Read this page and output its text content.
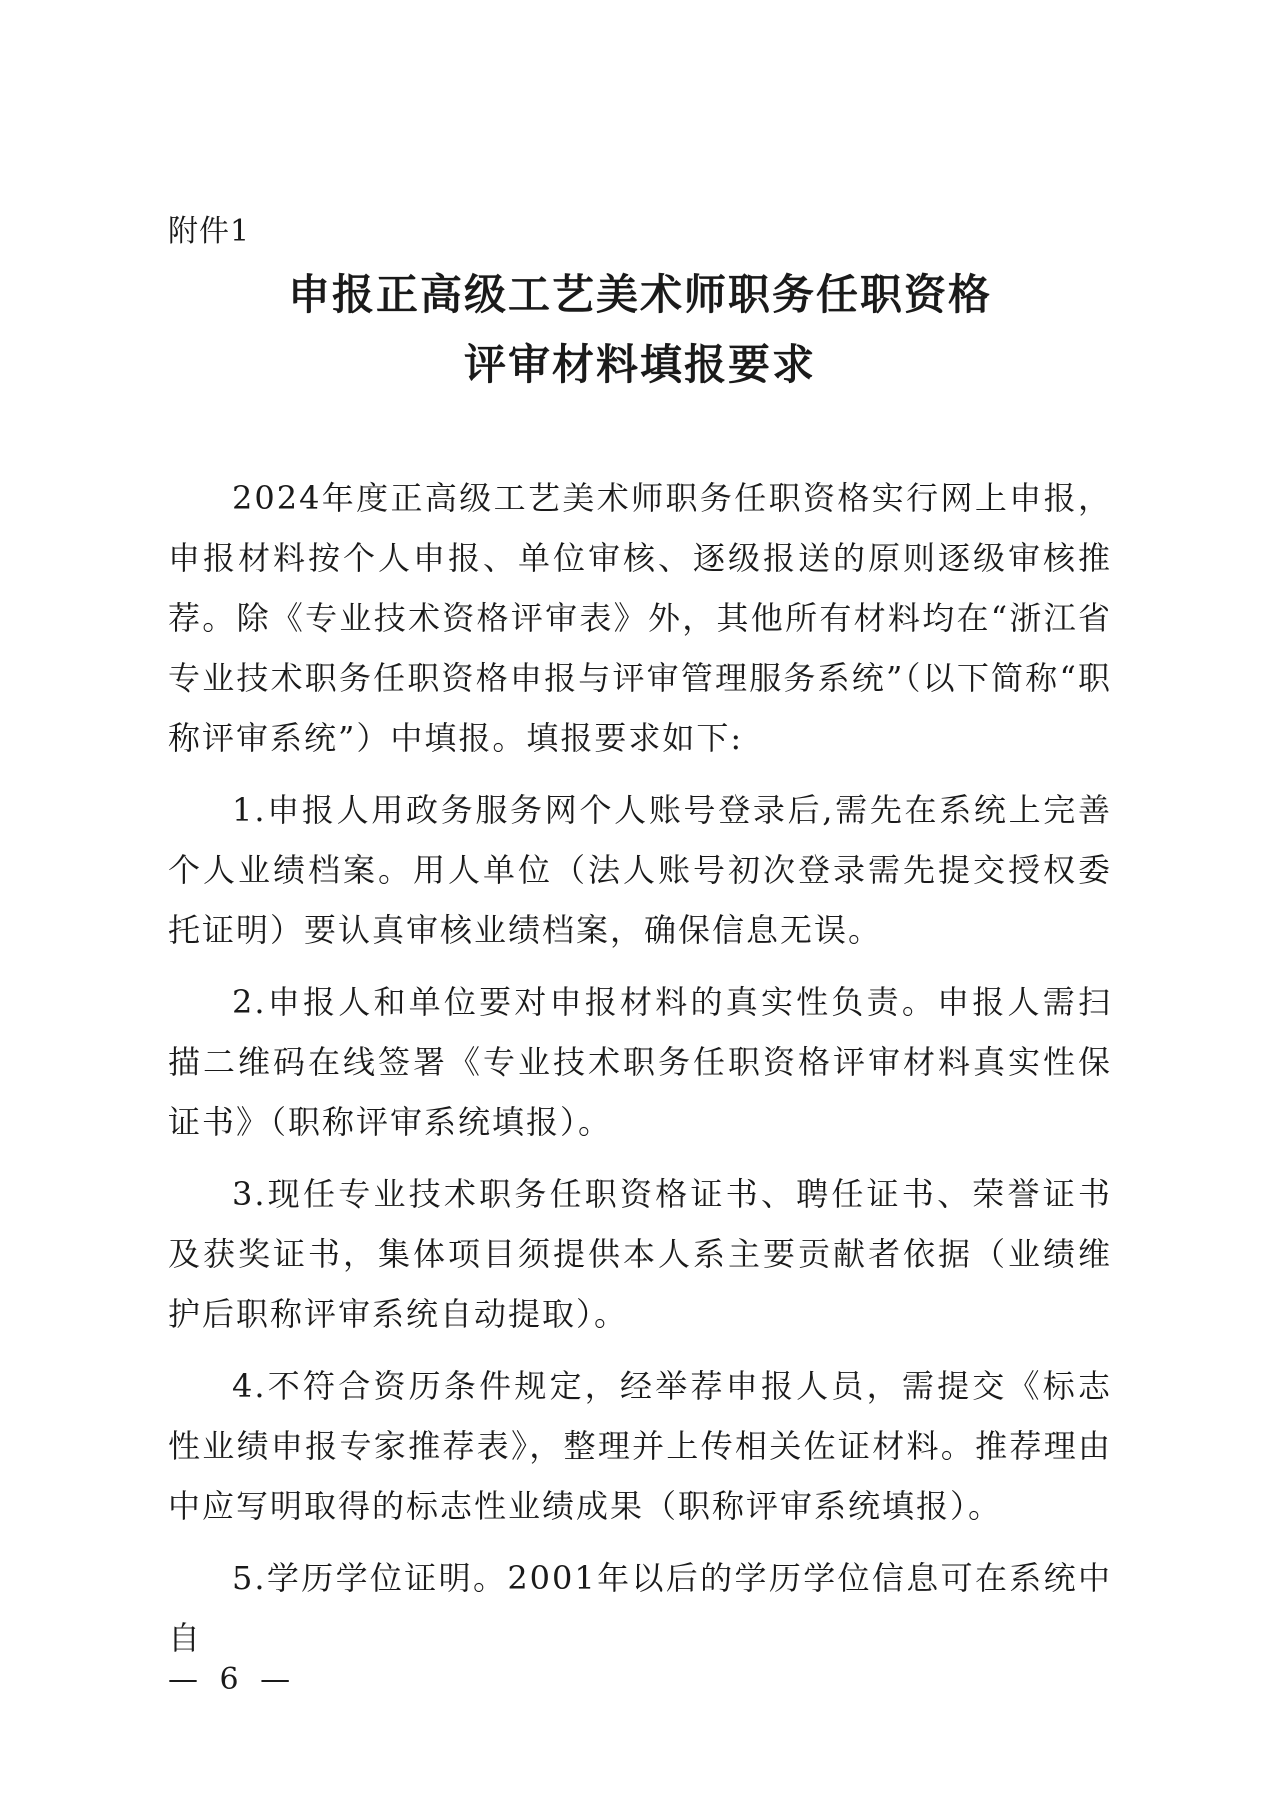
附件1
申报正高级工艺美术师职务任职资格
评审材料填报要求

2024年度正高级工艺美术师职务任职资格实行网上申报，申报材料按个人申报、单位审核、逐级报送的原则逐级审核推荐。除《专业技术资格评审表》外，其他所有材料均在“浙江省专业技术职务任职资格申报与评审管理服务系统”（以下简称“职称评审系统”）中填报。填报要求如下:

1.申报人用政务服务网个人账号登录后,需先在系统上完善个人业绩档案。用人单位（法人账号初次登录需先提交授权委托证明）要认真审核业绩档案，确保信息无误。

2.申报人和单位要对申报材料的真实性负责。申报人需扫描二维码在线签署《专业技术职务任职资格评审材料真实性保证书》（职称评审系统填报）。

3.现任专业技术职务任职资格证书、聘任证书、荣誉证书及获奖证书，集体项目须提供本人系主要贡献者依据（业绩维护后职称评审系统自动提取）。

4.不符合资历条件规定，经举荐申报人员，需提交《标志性业绩申报专家推荐表》，整理并上传相关佐证材料。推荐理由中应写明取得的标志性业绩成果（职称评审系统填报）。

5.学历学位证明。2001年以后的学历学位信息可在系统中自

— 6 —
